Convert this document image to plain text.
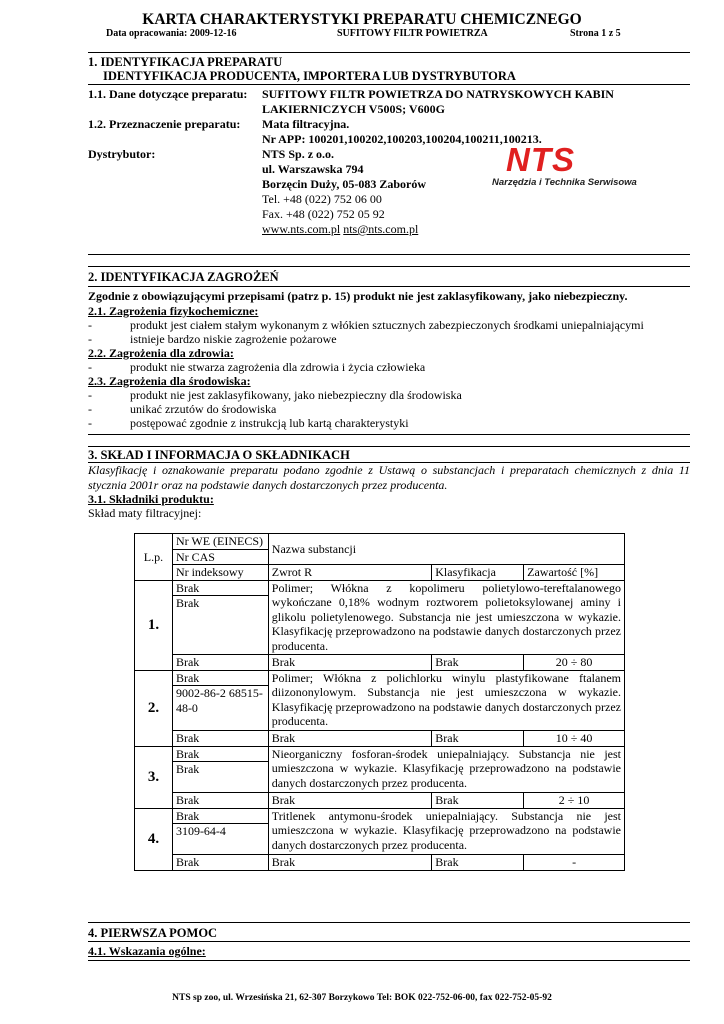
KARTA CHARAKTERYSTYKI PREPARATU CHEMICZNEGO
Data opracowania: 2009-12-16	SUFITOWY FILTR POWIETRZA	Strona 1 z 5
1. IDENTYFIKACJA PREPARATU
IDENTYFIKACJA PRODUCENTA, IMPORTERA LUB DYSTRYBUTORA
1.1. Dane dotyczące preparatu: SUFITOWY FILTR POWIETRZA DO NATRYSKOWYCH KABIN
LAKIERNICZYCH V500S; V600G
1.2. Przeznaczenie preparatu: Mata filtracyjna.
Nr APP: 100201,100202,100203,100204,100211,100213.
Dystrybutor:	NTS Sp. z o.o.
ul. Warszawska 794
Borzęcin Duży, 05-083 Zaborów
Tel. +48 (022) 752 06 00
Fax. +48 (022) 752 05 92
www.nts.com.pl nts@nts.com.pl
NTS
Narzędzia i Technika Serwisowa
2. IDENTYFIKACJA ZAGROŻEŃ
Zgodnie z obowiązującymi przepisami (patrz p. 15) produkt nie jest zaklasyfikowany, jako niebezpieczny.
2.1. Zagrożenia fizykochemiczne:
-	produkt jest ciałem stałym wykonanym z włókien sztucznych zabezpieczonych środkami uniepalniającymi
-	istnieje bardzo niskie zagrożenie pożarowe
2.2. Zagrożenia dla zdrowia:
-	produkt nie stwarza zagrożenia dla zdrowia i życia człowieka
2.3. Zagrożenia dla środowiska:
-	produkt nie jest zaklasyfikowany, jako niebezpieczny dla środowiska
-	unikać zrzutów do środowiska
-	postępować zgodnie z instrukcją lub kartą charakterystyki
3. SKŁAD I INFORMACJA O SKŁADNIKACH
Klasyfikację i oznakowanie preparatu podano zgodnie z Ustawą o substancjach i preparatach chemicznych z dnia 11 stycznia 2001r oraz na podstawie danych dostarczonych przez producenta.
3.1. Składniki produktu:
Skład maty filtracyjnej:
L.p.	Nr WE (EINECS)	Nazwa substancji		
	Nr CAS			
	Nr indeksowy	Zwrot R	Klasyfikacja	Zawartość [%]
1.	Brak	Polimer; Włókna z kopolimeru polietylowo-tereftalanowego wykończane 0,18% wodnym roztworem polietoksylowanej aminy i glikolu polietylenowego. Substancja nie jest umieszczona w wykazie. Klasyfikację przeprowadzono na podstawie danych dostarczonych przez producenta.		
	Brak			
	Brak	Brak	Brak	20 ÷ 80
2.	Brak	Polimer; Włókna z polichlorku winylu plastyfikowane ftalanem diizononylowym. Substancja nie jest umieszczona w wykazie. Klasyfikację przeprowadzono na podstawie danych dostarczonych przez producenta.		
	9002-86-2 68515-48-0			
	Brak	Brak	Brak	10 ÷ 40
3.	Brak	Nieorganiczny fosforan-środek uniepalniający. Substancja nie jest umieszczona w wykazie. Klasyfikację przeprowadzono na podstawie danych dostarczonych przez producenta.		
	Brak			
	Brak	Brak	Brak	2 ÷ 10
4.	Brak	Tritlenek antymonu-środek uniepalniający. Substancja nie jest umieszczona w wykazie. Klasyfikację przeprowadzono na podstawie danych dostarczonych przez producenta.		
	3109-64-4			
	Brak	Brak	Brak	-
4. PIERWSZA POMOC
4.1. Wskazania ogólne:
NTS sp zoo, ul. Wrzesińska 21, 62-307 Borzykowo Tel: BOK 022-752-06-00, fax 022-752-05-92
